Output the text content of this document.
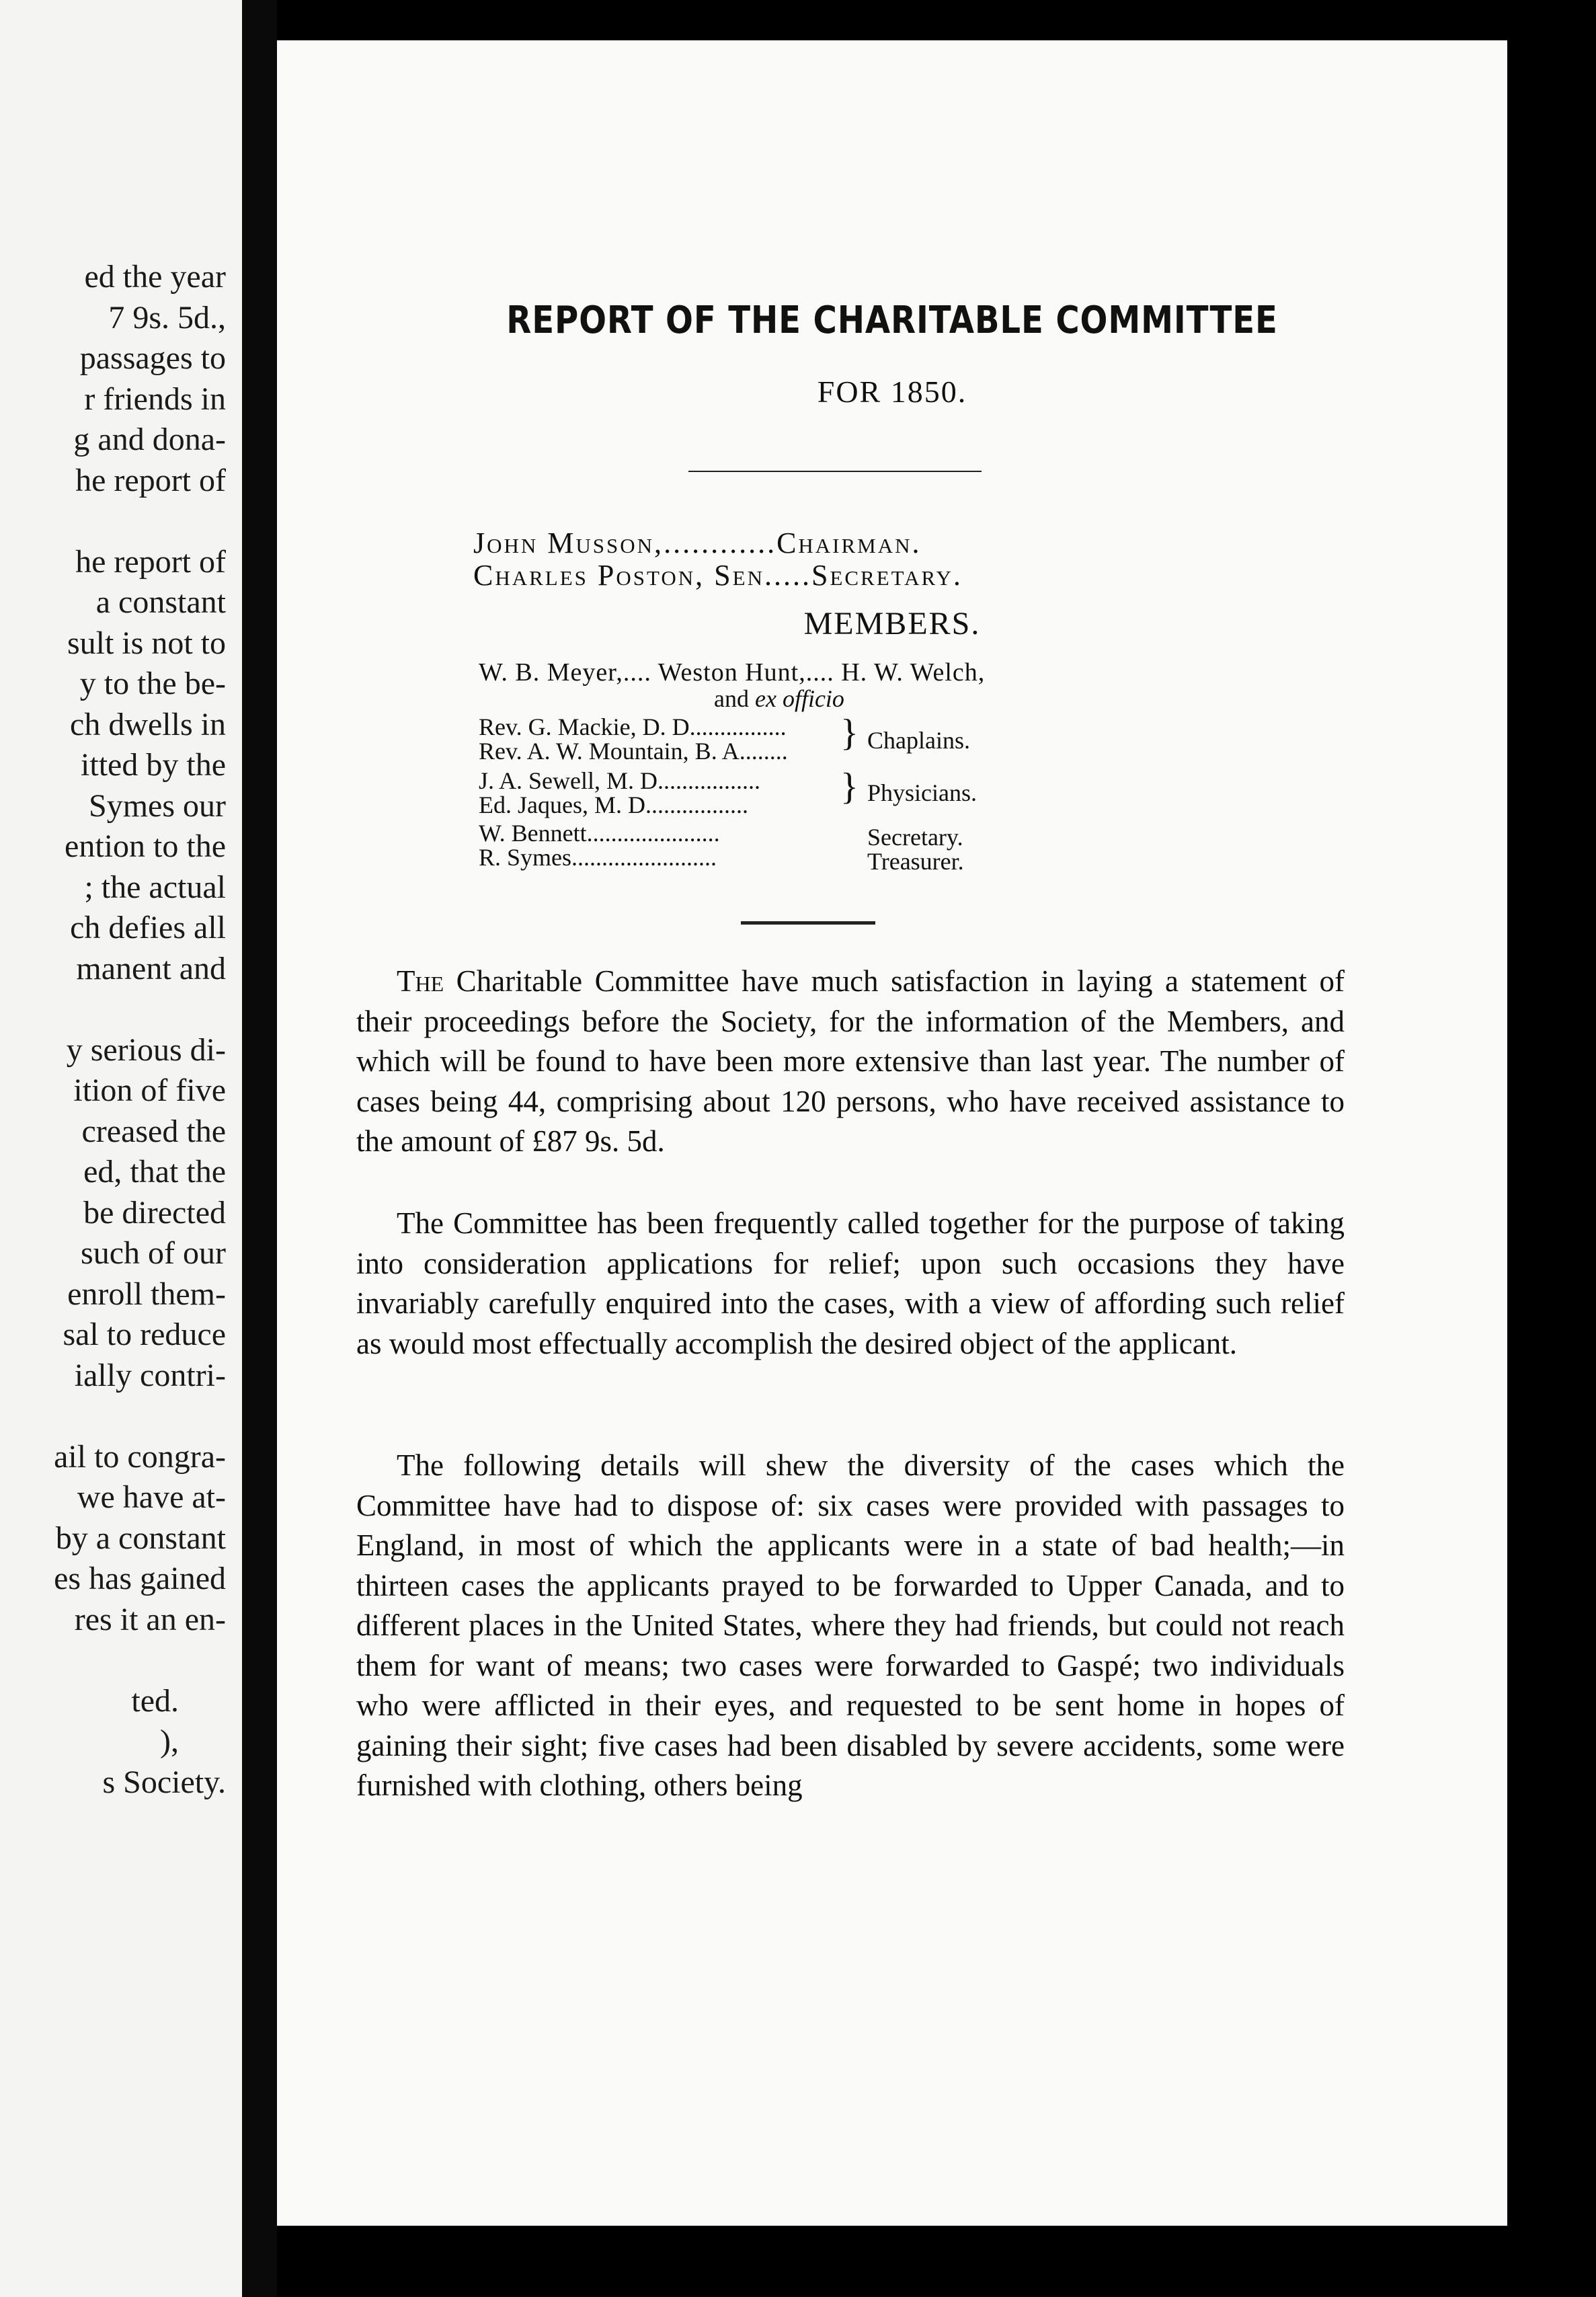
ed the year
7 9s. 5d.,
passages to
r friends in
g and dona-
he report of
he report of
a constant
sult is not to
y to the be-
ch dwells in
itted by the
Symes our
ention to the
; the actual
ch defies all
manent and
y serious di-
ition of five
creased the
ed, that the
be directed
such of our
enroll them-
sal to reduce
ially contri-
ail to congra-
we have at-
by a constant
es has gained
res it an en-
ted.
),
s Society.
REPORT OF THE CHARITABLE COMMITTEE
FOR 1850.
John Musson,............Chairman.
Charles Poston, Sen.....Secretary.
MEMBERS.
W. B. Meyer,.... Weston Hunt,.... H. W. Welch,
and ex officio
Rev. G. Mackie, D. D................
Rev. A. W. Mountain, B. A........ } Chaplains.
J. A. Sewell, M. D.................
Ed. Jaques, M. D................. } Physicians.
W. Bennett......................	Secretary.
R. Symes........................	Treasurer.

The Charitable Committee have much satisfaction in laying a statement of their proceedings before the Society, for the information of the Members, and which will be found to have been more extensive than last year. The number of cases being 44, comprising about 120 persons, who have received assistance to the amount of £87 9s. 5d.

The Committee has been frequently called together for the purpose of taking into consideration applications for relief; upon such occasions they have invariably carefully enquired into the cases, with a view of affording such relief as would most effectually accomplish the desired object of the applicant.

The following details will shew the diversity of the cases which the Committee have had to dispose of: six cases were provided with passages to England, in most of which the applicants were in a state of bad health;—in thirteen cases the applicants prayed to be forwarded to Upper Canada, and to different places in the United States, where they had friends, but could not reach them for want of means; two cases were forwarded to Gaspé; two individuals who were afflicted in their eyes, and requested to be sent home in hopes of gaining their sight; five cases had been disabled by severe accidents, some were furnished with clothing, others being
